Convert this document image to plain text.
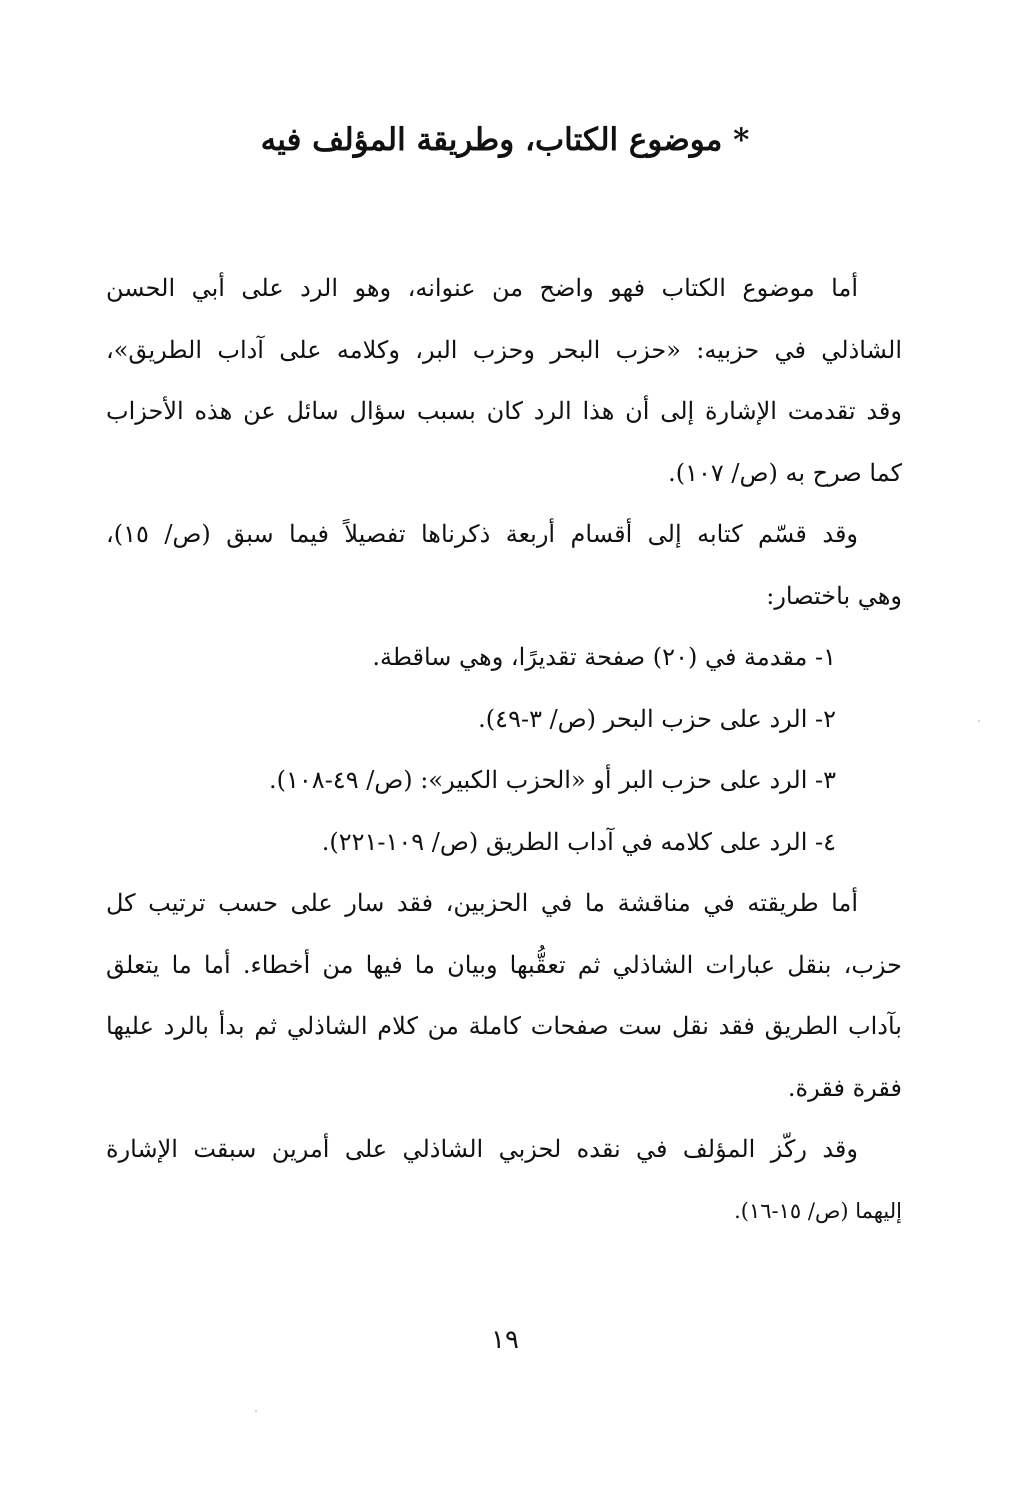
* موضوع الكتاب، وطريقة المؤلف فيه
أما موضوع الكتاب فهو واضح من عنوانه، وهو الرد على أبي الحسن
الشاذلي في حزبيه: «حزب البحر وحزب البر، وكلامه على آداب الطريق»،
وقد تقدمت الإشارة إلى أن هذا الرد كان بسبب سؤال سائل عن هذه الأحزاب
كما صرح به (ص/ ١٠٧).
وقد قسّم كتابه إلى أقسام أربعة ذكرناها تفصيلاً فيما سبق (ص/ ١٥)،
وهي باختصار:
١- مقدمة في (٢٠) صفحة تقديرًا، وهي ساقطة.
٢- الرد على حزب البحر (ص/ ٣-٤٩).
٣- الرد على حزب البر أو «الحزب الكبير»: (ص/ ٤٩-١٠٨).
٤- الرد على كلامه في آداب الطريق (ص/ ١٠٩-٢٢١).
أما طريقته في مناقشة ما في الحزبين، فقد سار على حسب ترتيب كل
حزب، بنقل عبارات الشاذلي ثم تعقُّبها وبيان ما فيها من أخطاء. أما ما يتعلق
بآداب الطريق فقد نقل ست صفحات كاملة من كلام الشاذلي ثم بدأ بالرد عليها
فقرة فقرة.
وقد ركّز المؤلف في نقده لحزبي الشاذلي على أمرين سبقت الإشارة
إليهما (ص/ ١٥-١٦).
١٩
